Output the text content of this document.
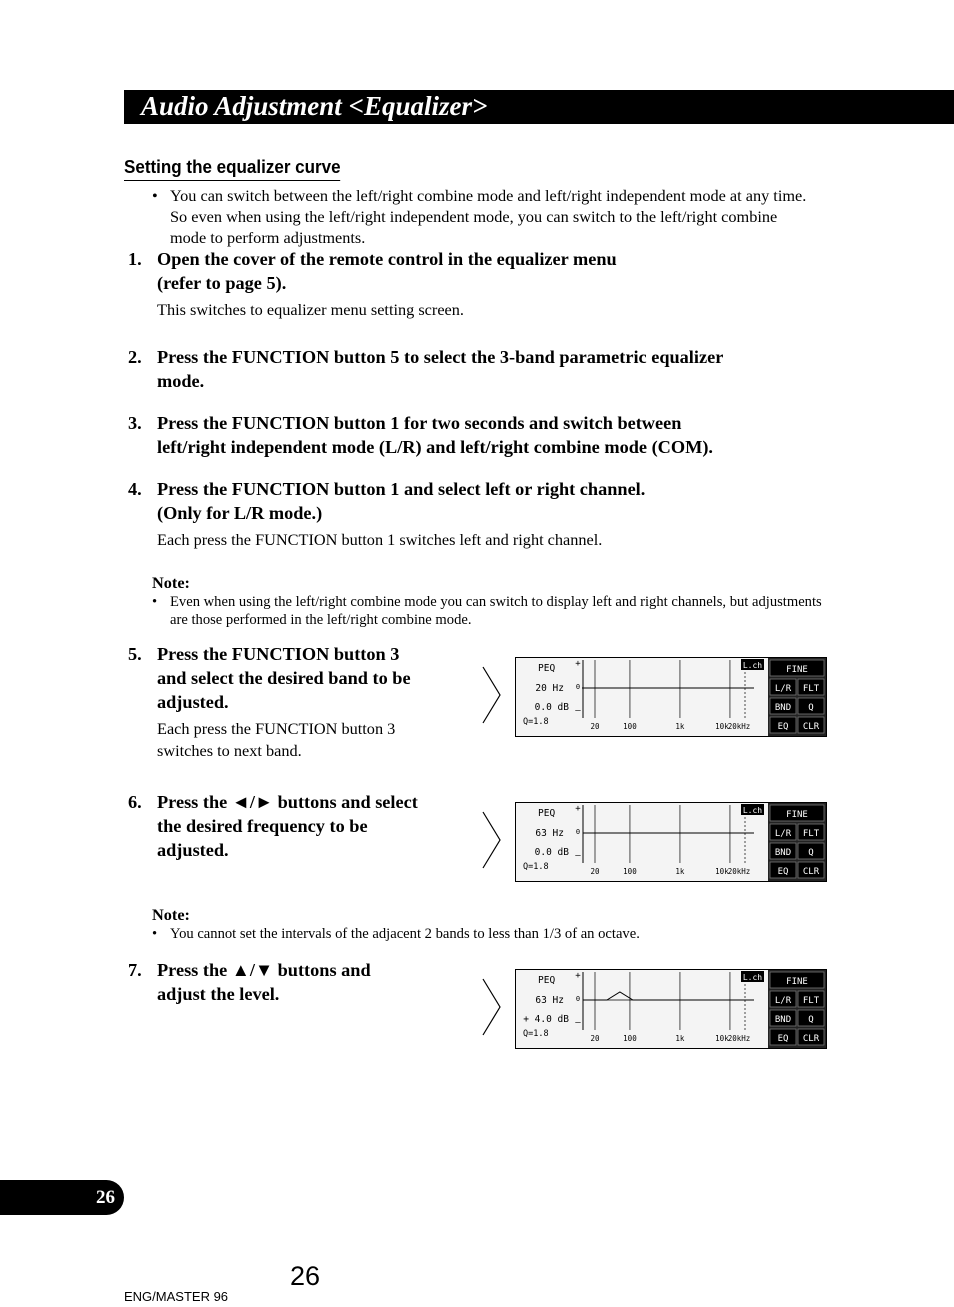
Audio Adjustment <Equalizer>
Setting the equalizer curve
• You can switch between the left/right combine mode and left/right independent mode at any time. So even when using the left/right independent mode, you can switch to the left/right combine mode to perform adjustments.
1. Open the cover of the remote control in the equalizer menu
(refer to page 5).
This switches to equalizer menu setting screen.
2. Press the FUNCTION button 5 to select the 3-band parametric equalizer
mode.
3. Press the FUNCTION button 1 for two seconds and switch between
left/right independent mode (L/R) and left/right combine mode (COM).
4. Press the FUNCTION button 1 and select left or right channel.
(Only for L/R mode.)
Each press the FUNCTION button 1 switches left and right channel.
Note:
• Even when using the left/right combine mode you can switch to display left and right channels, but adjustments are those performed in the left/right combine mode.
5. Press the FUNCTION button 3
and select the desired band to be
adjusted.
Each press the FUNCTION button 3
switches to next band.
PEQ
20 Hz
0.0 dB
Q=1.8
+
0
–
20	100	1k	10k
20kHz
L.ch	FINE
L/R FLT
BND Q
EQ CLR
6. Press the ◄/► buttons and select
the desired frequency to be
adjusted.
PEQ
63 Hz
0.0 dB
Q=1.8
+
0
–
20	100	1k	10k
20kHz
L.ch	FINE
L/R FLT
BND Q
EQ CLR
Note:
• You cannot set the intervals of the adjacent 2 bands to less than 1/3 of an octave.
7. Press the ▲/▼ buttons and
adjust the level.
PEQ
63 Hz
+ 4.0 dB
Q=1.8
+
0
–
20	100	1k	10k
20kHz
L.ch	FINE
L/R FLT
BND Q
EQ CLR
26
26
ENG/MASTER 96
